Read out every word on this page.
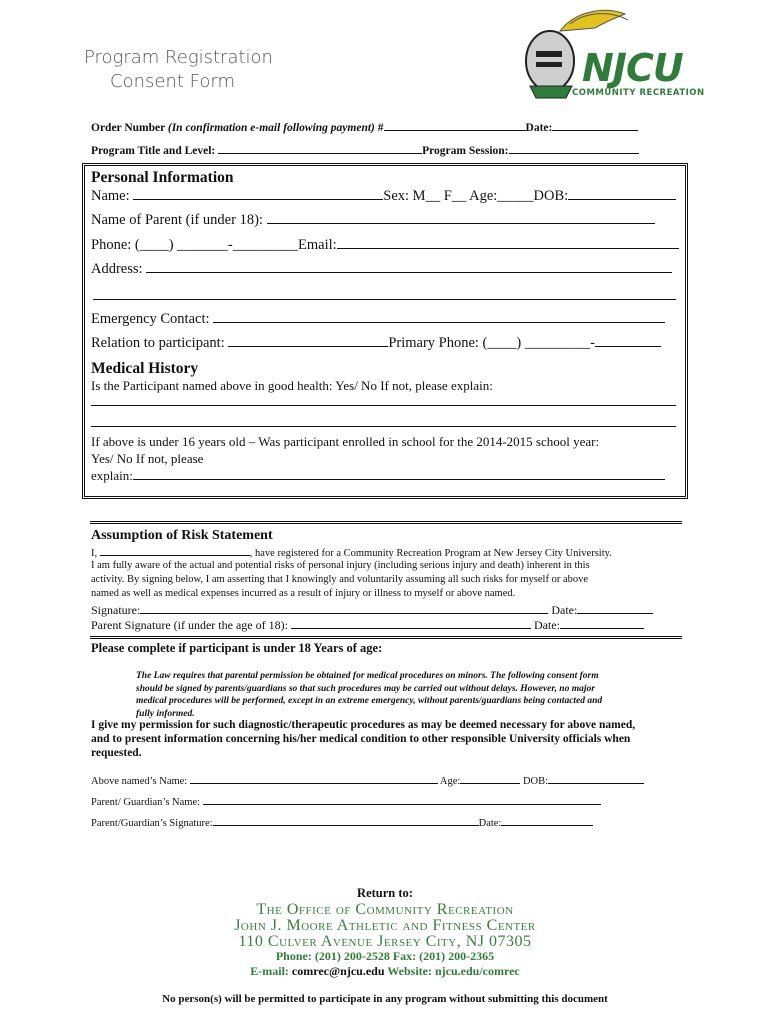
Program Registration
Consent Form	NJCU
COMMUNITY RECREATION
Order Number (In confirmation e-mail following payment) #	Date:
Program Title and Level:	Program Session:
Personal Information
Name:	Sex: M__ F__ Age:_____DOB:
Name of Parent (if under 18):
Phone: (____) _______-_________Email:
Address:
Emergency Contact:
Relation to participant:	Primary Phone: (____) _________-
Medical History
Is the Participant named above in good health: Yes/ No If not, please explain:
If above is under 16 years old – Was participant enrolled in school for the 2014-2015 school year:
Yes/ No If not, please
explain:
Assumption of Risk Statement
I,	, have registered for a Community Recreation Program at New Jersey City University.
I am fully aware of the actual and potential risks of personal injury (including serious injury and death) inherent in this
activity. By signing below, I am asserting that I knowingly and voluntarily assuming all such risks for myself or above
named as well as medical expenses incurred as a result of injury or illness to myself or above named.
Signature:	Date:
Parent Signature (if under the age of 18):	Date:
Please complete if participant is under 18 Years of age:
The Law requires that parental permission be obtained for medical procedures on minors. The following consent form
should be signed by parents/guardians so that such procedures may be carried out without delays. However, no major
medical procedures will be performed, except in an extreme emergency, without parents/guardians being contacted and
fully informed.
I give my permission for such diagnostic/therapeutic procedures as may be deemed necessary for above named,
and to present information concerning his/her medical condition to other responsible University officials when
requested.
Above named’s Name:	Age:	DOB:
Parent/ Guardian’s Name:
Parent/Guardian’s Signature:	Date:
Return to:
The Office of Community Recreation
John J. Moore Athletic and Fitness Center
110 Culver Avenue Jersey City, NJ 07305
Phone: (201) 200-2528 Fax: (201) 200-2365
E-mail: comrec@njcu.edu Website: njcu.edu/comrec
No person(s) will be permitted to participate in any program without submitting this document
